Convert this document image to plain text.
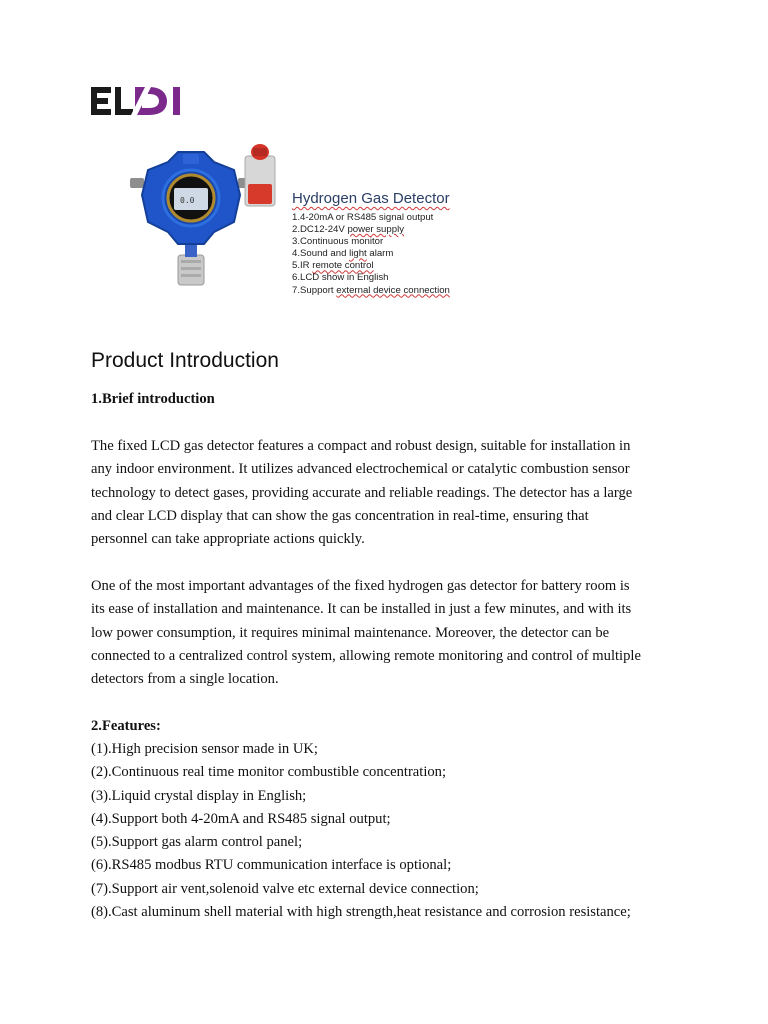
0.0	Hydrogen Gas Detector
1.4-20mA or RS485 signal output
2.DC12-24V power supply
3.Continuous monitor
4.Sound and light alarm
5.IR remote control
6.LCD show in English
7.Support external device connection
Product Introduction

1.Brief introduction

The fixed LCD gas detector features a compact and robust design, suitable for installation in
any indoor environment. It utilizes advanced electrochemical or catalytic combustion sensor
technology to detect gases, providing accurate and reliable readings. The detector has a large
and clear LCD display that can show the gas concentration in real-time, ensuring that
personnel can take appropriate actions quickly.
One of the most important advantages of the fixed hydrogen gas detector for battery room is
its ease of installation and maintenance. It can be installed in just a few minutes, and with its
low power consumption, it requires minimal maintenance. Moreover, the detector can be
connected to a centralized control system, allowing remote monitoring and control of multiple
detectors from a single location.

2.Features:

(1).High precision sensor made in UK;
(2).Continuous real time monitor combustible concentration;
(3).Liquid crystal display in English;
(4).Support both 4-20mA and RS485 signal output;
(5).Support gas alarm control panel;
(6).RS485 modbus RTU communication interface is optional;
(7).Support air vent,solenoid valve etc external device connection;
(8).Cast aluminum shell material with high strength,heat resistance and corrosion resistance;
